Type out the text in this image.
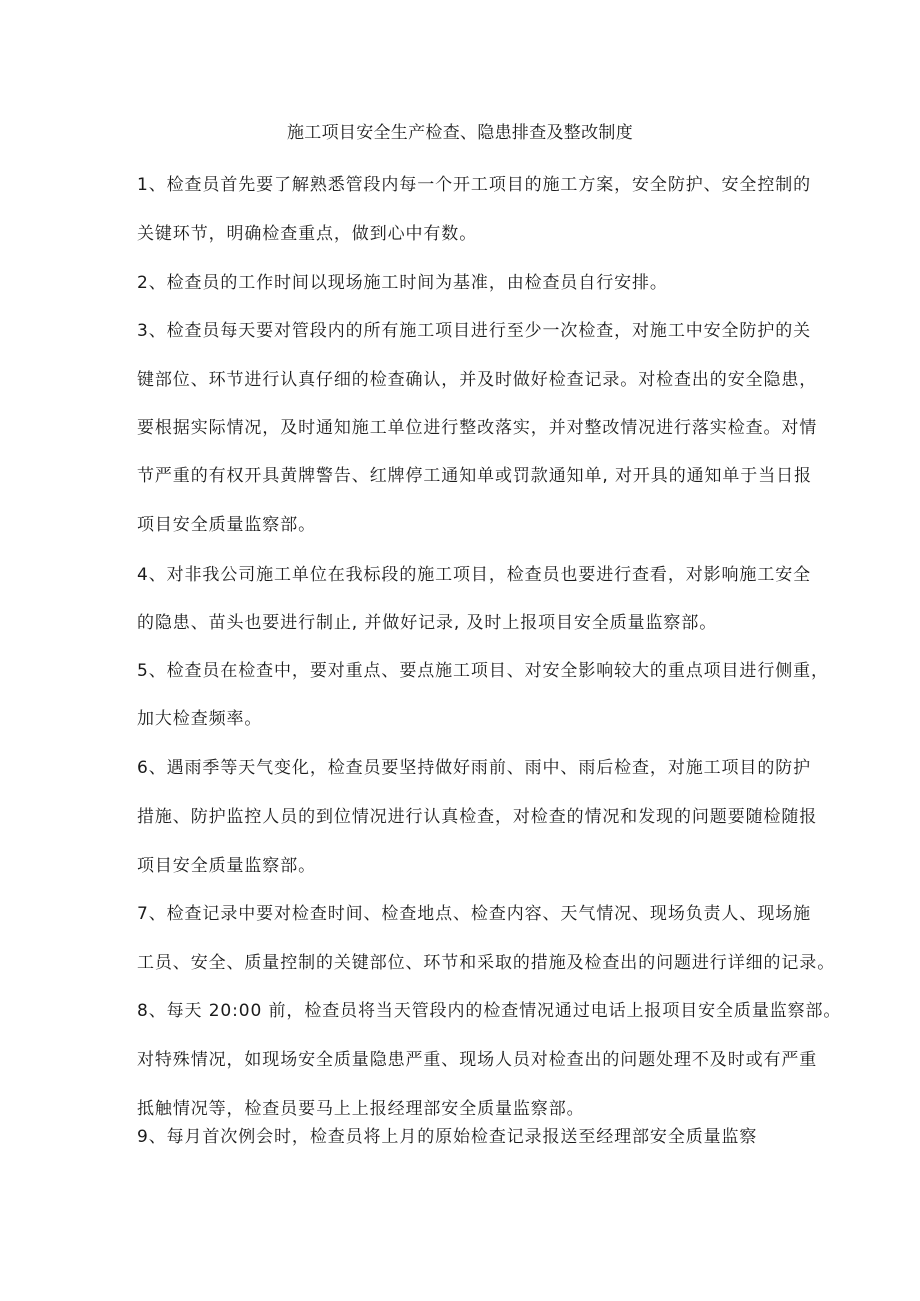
施工项目安全生产检查、隐患排查及整改制度
1、检查员首先要了解熟悉管段内每一个开工项目的施工方案，安全防护、安全控制的
关键环节，明确检查重点，做到心中有数。
2、检查员的工作时间以现场施工时间为基准，由检查员自行安排。
3、检查员每天要对管段内的所有施工项目进行至少一次检查，对施工中安全防护的关
键部位、环节进行认真仔细的检查确认，并及时做好检查记录。对检查出的安全隐患，
要根据实际情况，及时通知施工单位进行整改落实，并对整改情况进行落实检查。对情
节严重的有权开具黄牌警告、红牌停工通知单或罚款通知单, 对开具的通知单于当日报
项目安全质量监察部。
4、对非我公司施工单位在我标段的施工项目，检查员也要进行查看，对影响施工安全
的隐患、苗头也要进行制止, 并做好记录, 及时上报项目安全质量监察部。
5、检查员在检查中，要对重点、要点施工项目、对安全影响较大的重点项目进行侧重，
加大检查频率。
6、遇雨季等天气变化，检查员要坚持做好雨前、雨中、雨后检查，对施工项目的防护
措施、防护监控人员的到位情况进行认真检查，对检查的情况和发现的问题要随检随报
项目安全质量监察部。
7、检查记录中要对检查时间、检查地点、检查内容、天气情况、现场负责人、现场施
工员、安全、质量控制的关键部位、环节和采取的措施及检查出的问题进行详细的记录。
8、每天 20:00 前，检查员将当天管段内的检查情况通过电话上报项目安全质量监察部。
对特殊情况，如现场安全质量隐患严重、现场人员对检查出的问题处理不及时或有严重
抵触情况等，检查员要马上上报经理部安全质量监察部。
9、每月首次例会时，检查员将上月的原始检查记录报送至经理部安全质量监察
